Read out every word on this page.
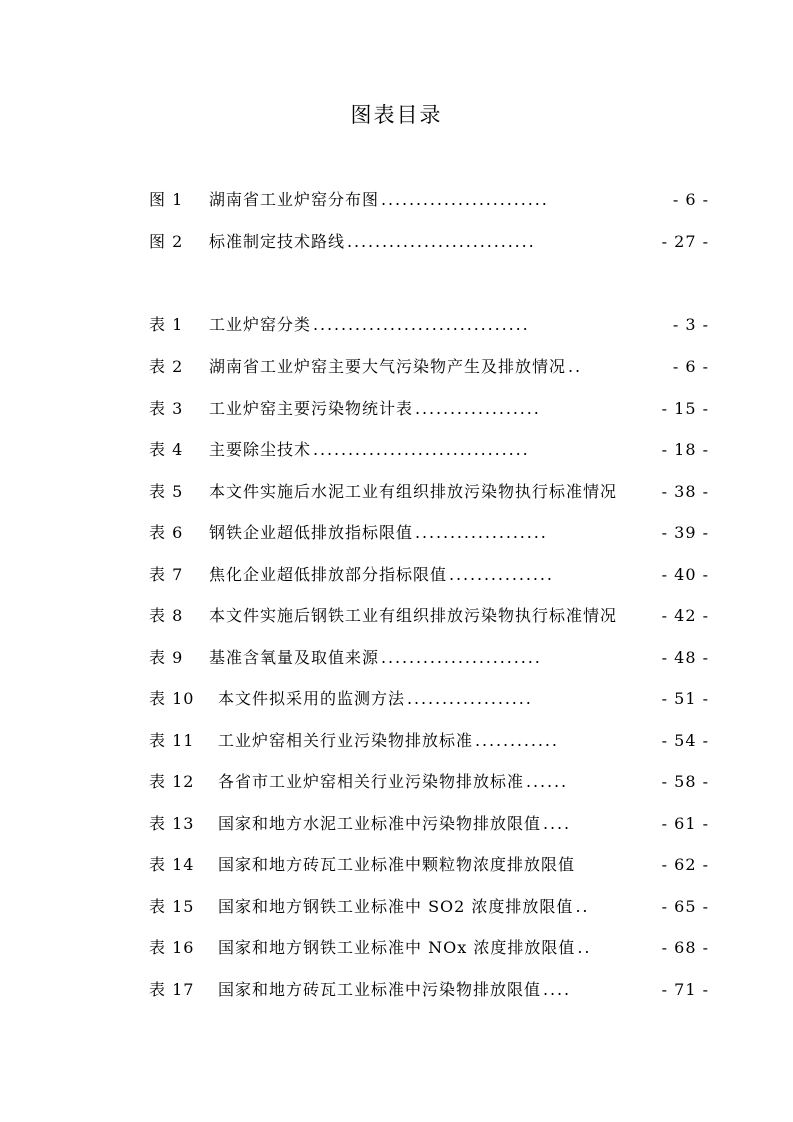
图表目录
图 1	湖南省工业炉窑分布图 ........................	- 6 -
图 2	标准制定技术路线 ...........................	- 27 -
表 1	工业炉窑分类 ...............................	- 3 -
表 2	湖南省工业炉窑主要大气污染物产生及排放情况 ..	- 6 -
表 3	工业炉窑主要污染物统计表 ..................	- 15 -
表 4	主要除尘技术 ...............................	- 18 -
表 5	本文件实施后水泥工业有组织排放污染物执行标准情况	- 38 -
表 6	钢铁企业超低排放指标限值 ...................	- 39 -
表 7	焦化企业超低排放部分指标限值 ...............	- 40 -
表 8	本文件实施后钢铁工业有组织排放污染物执行标准情况	- 42 -
表 9	基准含氧量及取值来源 .......................	- 48 -
表 10	本文件拟采用的监测方法 ..................	- 51 -
表 11	工业炉窑相关行业污染物排放标准 ............	- 54 -
表 12	各省市工业炉窑相关行业污染物排放标准 ......	- 58 -
表 13	国家和地方水泥工业标准中污染物排放限值 ....	- 61 -
表 14	国家和地方砖瓦工业标准中颗粒物浓度排放限值	- 62 -
表 15	国家和地方钢铁工业标准中 SO2 浓度排放限值 ..	- 65 -
表 16	国家和地方钢铁工业标准中 NOx 浓度排放限值 ..	- 68 -
表 17	国家和地方砖瓦工业标准中污染物排放限值 ....	- 71 -
